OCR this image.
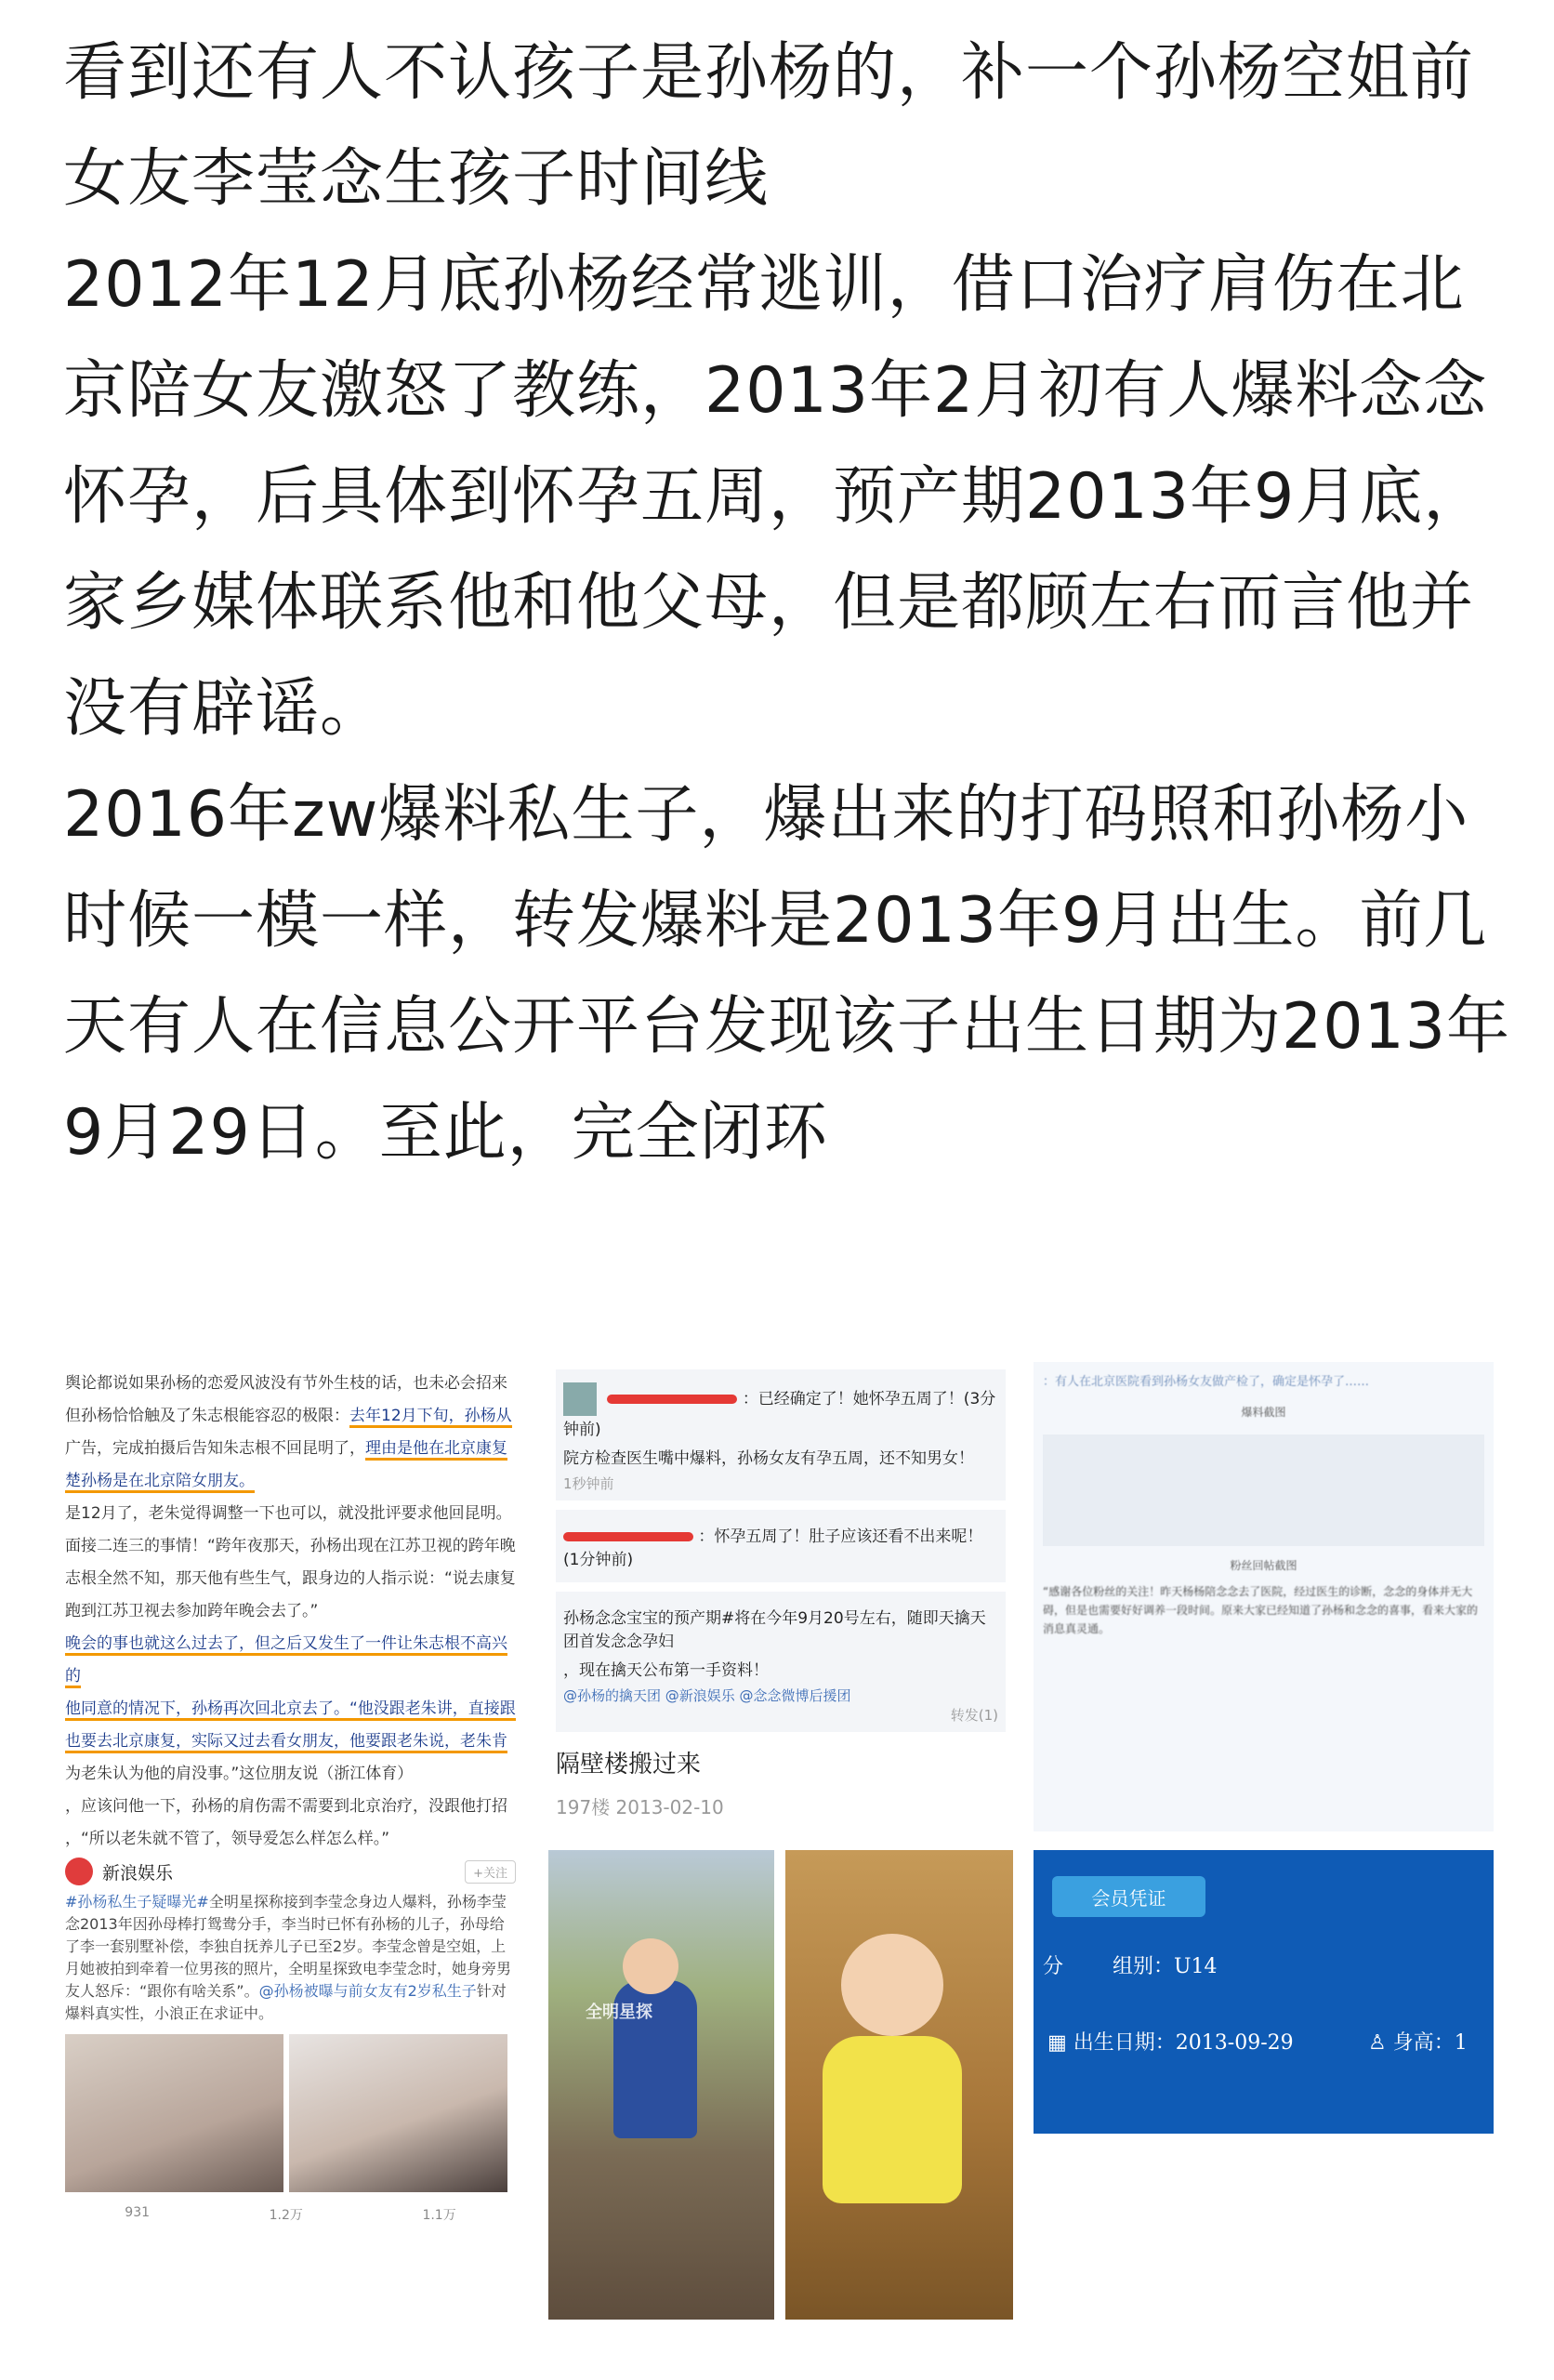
看到还有人不认孩子是孙杨的，补一个孙杨空姐前女友李莹念生孩子时间线

2012年12月底孙杨经常逃训，借口治疗肩伤在北京陪女友激怒了教练，2013年2月初有人爆料念念怀孕，后具体到怀孕五周，预产期2013年9月底，家乡媒体联系他和他父母，但是都顾左右而言他并没有辟谣。

2016年zw爆料私生子，爆出来的打码照和孙杨小时候一模一样，转发爆料是2013年9月出生。前几天有人在信息公开平台发现该子出生日期为2013年9月29日。至此，完全闭环

舆论都说如果孙杨的恋爱风波没有节外生枝的话，也未必会招来
但孙杨恰恰触及了朱志根能容忍的极限：去年12月下旬，孙杨从
广告，完成拍摄后告知朱志根不回昆明了，理由是他在北京康复
楚孙杨是在北京陪女朋友。
是12月了，老朱觉得调整一下也可以，就没批评要求他回昆明。
面接二连三的事情！“跨年夜那天，孙杨出现在江苏卫视的跨年晚
志根全然不知，那天他有些生气，跟身边的人指示说：“说去康复
跑到江苏卫视去参加跨年晚会去了。”
晚会的事也就这么过去了，但之后又发生了一件让朱志根不高兴的
他同意的情况下，孙杨再次回北京去了。“他没跟老朱讲，直接跟
也要去北京康复，实际又过去看女朋友，他要跟老朱说，老朱肯
为老朱认为他的肩没事。”这位朋友说（浙江体育）
，应该问他一下，孙杨的肩伤需不需要到北京治疗，没跟他打招
，“所以老朱就不管了，领导爱怎么样怎么样。”
：已经确定了！她怀孕五周了！(3分钟前)
院方检查医生嘴中爆料，孙杨女友有孕五周，还不知男女！
1秒钟前
：怀孕五周了！肚子应该还看不出来呢！(1分钟前)
孙杨念念宝宝的预产期#将在今年9月20号左右，随即天擒天团首发念念孕妇
，现在擒天公布第一手资料！
@孙杨的擒天团 @新浪娱乐 @念念微博后援团
转发(1)
隔壁楼搬过来
197楼 2013-02-10
：有人在北京医院看到孙杨女友做产检了，确定是怀孕了……
爆料截图
粉丝回帖截图
“感谢各位粉丝的关注！昨天杨杨陪念念去了医院，经过医生的诊断，念念的身体并无大碍，但是也需要好好调养一段时间。原来大家已经知道了孙杨和念念的喜事，看来大家的消息真灵通。
新浪娱乐	+关注
#孙杨私生子疑曝光#全明星探称接到李莹念身边人爆料，孙杨李莹念2013年因孙母棒打鸳鸯分手，李当时已怀有孙杨的儿子，孙母给了李一套别墅补偿，李独自抚养儿子已至2岁。李莹念曾是空姐，上月她被拍到牵着一位男孩的照片，全明星探致电李莹念时，她身旁男友人怒斥：“跟你有啥关系”。@孙杨被曝与前女友有2岁私生子针对爆料真实性，小浪正在求证中。
931	1.2万	1.1万
全明星探
会员凭证
分 组别：U14
▦ 出生日期：2013-09-29	♙ 身高：1
